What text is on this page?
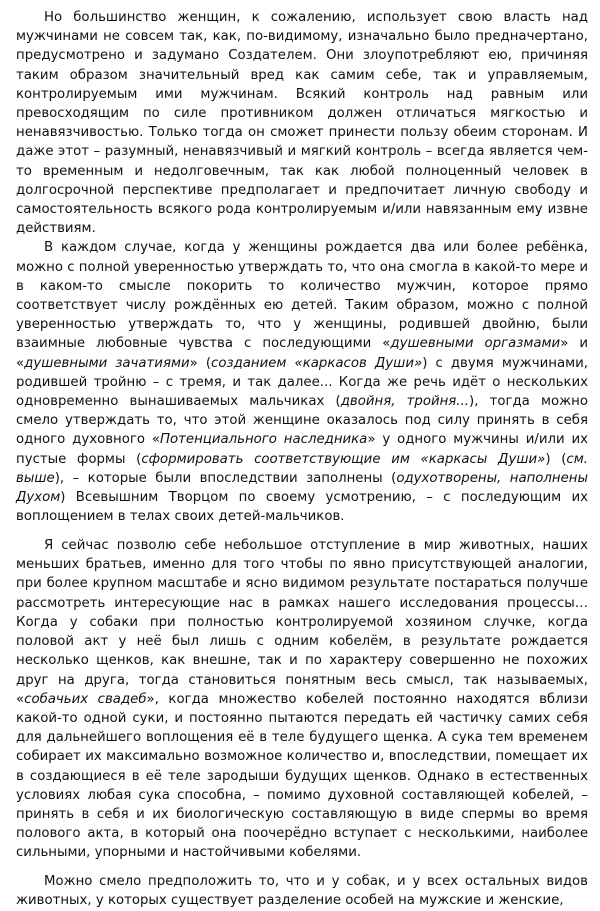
Но большинство женщин, к сожалению, использует свою власть над мужчинами не совсем так, как, по-видимому, изначально было предначертано, предусмотрено и задумано Создателем. Они злоупотребляют ею, причиняя таким образом значительный вред как самим себе, так и управляемым, контролируемым ими мужчинам. Всякий контроль над равным или превосходящим по силе противником должен отличаться мягкостью и ненавязчивостью. Только тогда он сможет принести пользу обеим сторонам. И даже этот – разумный, ненавязчивый и мягкий контроль – всегда является чем-то временным и недолговечным, так как любой полноценный человек в долгосрочной перспективе предполагает и предпочитает личную свободу и самостоятельность всякого рода контролируемым и/или навязанным ему извне действиям.

В каждом случае, когда у женщины рождается два или более ребёнка, можно с полной уверенностью утверждать то, что она смогла в какой-то мере и в каком-то смысле покорить то количество мужчин, которое прямо соответствует числу рождённых ею детей. Таким образом, можно с полной уверенностью утверждать то, что у женщины, родившей двойню, были взаимные любовные чувства с последующими «душевными оргазмами» и «душевными зачатиями» (созданием «каркасов Души») с двумя мужчинами, родившей тройню – с тремя, и так далее... Когда же речь идёт о нескольких одновременно вынашиваемых мальчиках (двойня, тройня...), тогда можно смело утверждать то, что этой женщине оказалось под силу принять в себя одного духовного «Потенциального наследника» у одного мужчины и/или их пустые формы (сформировать соответствующие им «каркасы Души») (см. выше), – которые были впоследствии заполнены (одухотворены, наполнены Духом) Всевышним Творцом по своему усмотрению, – с последующим их воплощением в телах своих детей-мальчиков.

Я сейчас позволю себе небольшое отступление в мир животных, наших меньших братьев, именно для того чтобы по явно присутствующей аналогии, при более крупном масштабе и ясно видимом результате постараться получше рассмотреть интересующие нас в рамках нашего исследования процессы… Когда у собаки при полностью контролируемой хозяином случке, когда половой акт у неё был лишь с одним кобелём, в результате рождается несколько щенков, как внешне, так и по характеру совершенно не похожих друг на друга, тогда становиться понятным весь смысл, так называемых, «собачьих свадеб», когда множество кобелей постоянно находятся вблизи какой-то одной суки, и постоянно пытаются передать ей частичку самих себя для дальнейшего воплощения её в теле будущего щенка. А сука тем временем собирает их максимально возможное количество и, впоследствии, помещает их в создающиеся в её теле зародыши будущих щенков. Однако в естественных условиях любая сука способна, – помимо духовной составляющей кобелей, – принять в себя и их биологическую составляющую в виде спермы во время полового акта, в который она поочерёдно вступает с несколькими, наиболее сильными, упорными и настойчивыми кобелями.

Можно смело предположить то, что и у собак, и у всех остальных видов животных, у которых существует разделение особей на мужские и женские,
